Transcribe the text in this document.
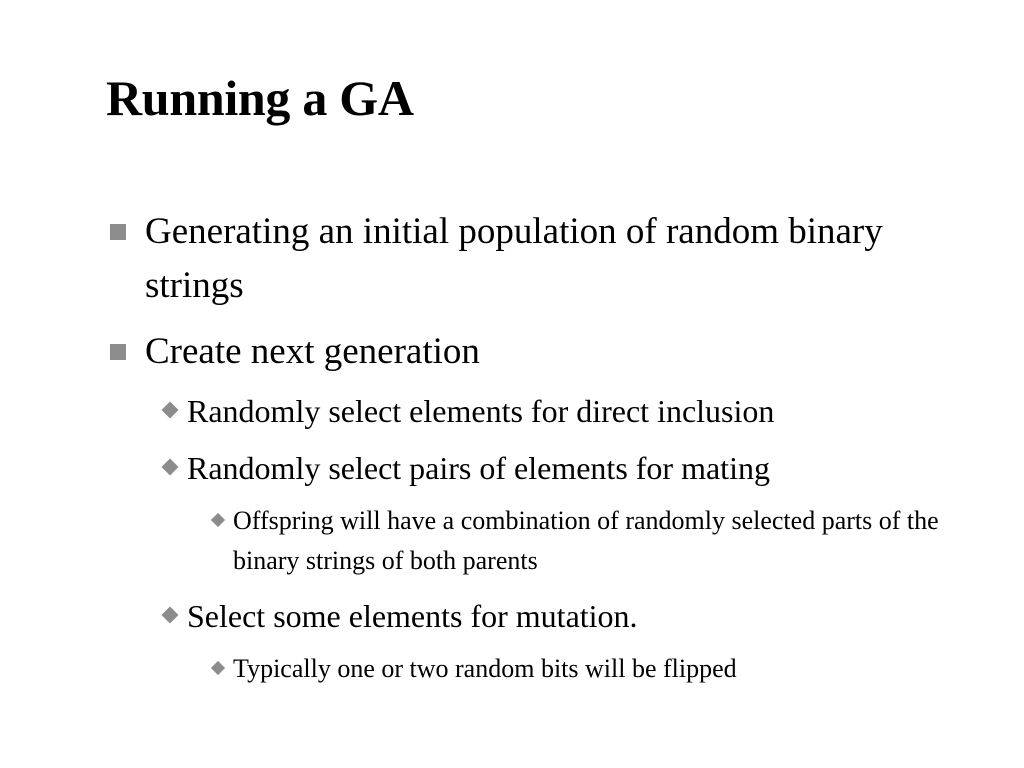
Running a GA

Generating an initial population of random binary strings

Create next generation

Randomly select elements for direct inclusion

Randomly select pairs of elements for mating

Offspring will have a combination of randomly selected parts of the binary strings of both parents

Select some elements for mutation.

Typically one or two random bits will be flipped
